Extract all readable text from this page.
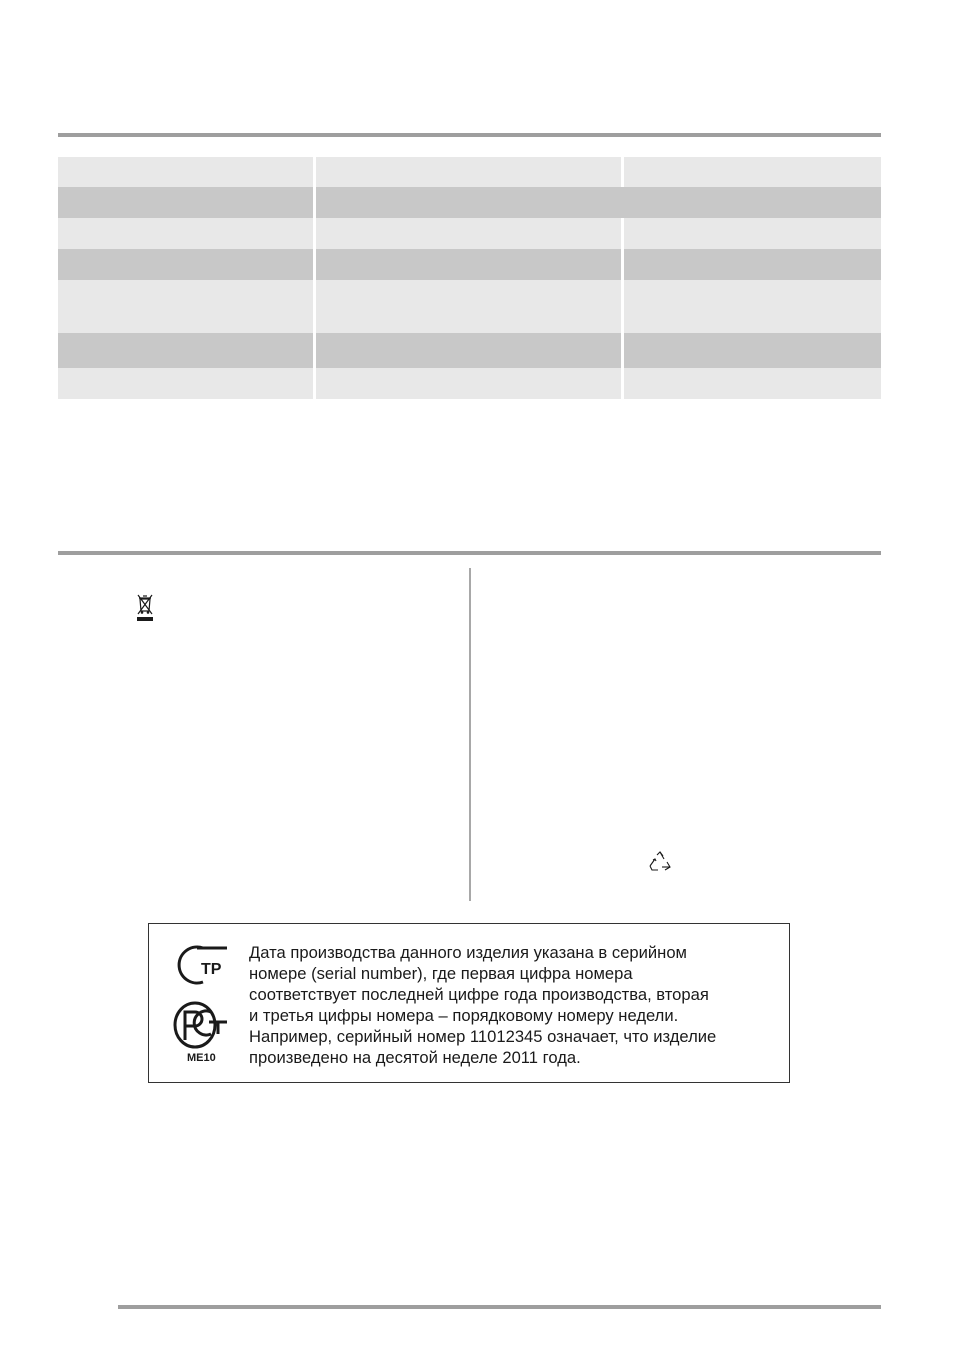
TP
ME10

Дата производства данного изделия указана в серийном
номере (serial number), где первая цифра номера
соответствует последней цифре года производства, вторая
и третья цифры номера – порядковому номеру недели.
Например, серийный номер 11012345 означает, что изделие
произведено на десятой неделе 2011 года.
